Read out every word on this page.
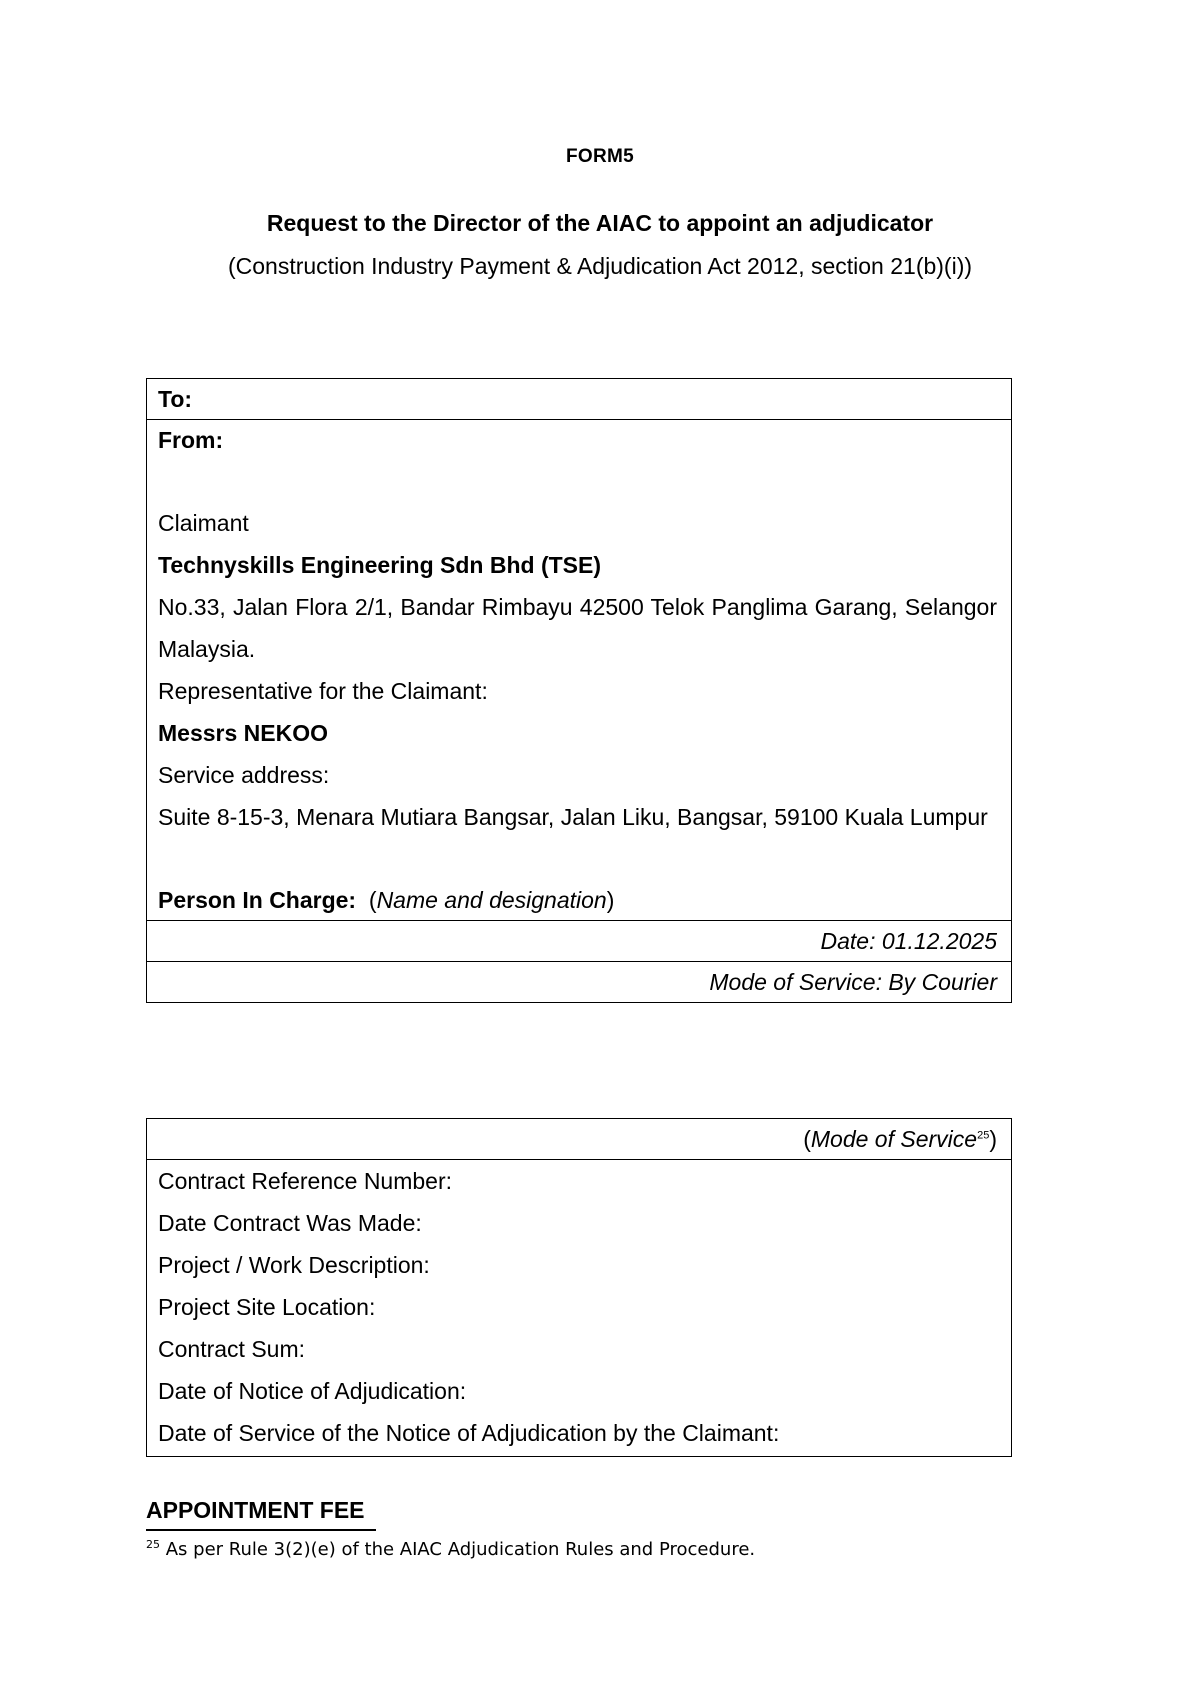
FORM5
Request to the Director of the AIAC to appoint an adjudicator
(Construction Industry Payment & Adjudication Act 2012, section 21(b)(i))
To:

From:
Claimant
Technyskills Engineering Sdn Bhd (TSE)
No.33, Jalan Flora 2/1, Bandar Rimbayu 42500 Telok Panglima Garang, Selangor Malaysia.
Representative for the Claimant:
Messrs NEKOO
Service address:
Suite 8-15-3, Menara Mutiara Bangsar, Jalan Liku, Bangsar, 59100 Kuala Lumpur
Person In Charge:  (Name and designation)

Date: 01.12.2025

Mode of Service: By Courier
(Mode of Service$^{25}$)

Contract Reference Number:
Date Contract Was Made:
Project / Work Description:
Project Site Location:
Contract Sum:
Date of Notice of Adjudication:
Date of Service of the Notice of Adjudication by the Claimant:
APPOINTMENT FEE
$^{25}$ As per Rule 3(2)(e) of the AIAC Adjudication Rules and Procedure.
